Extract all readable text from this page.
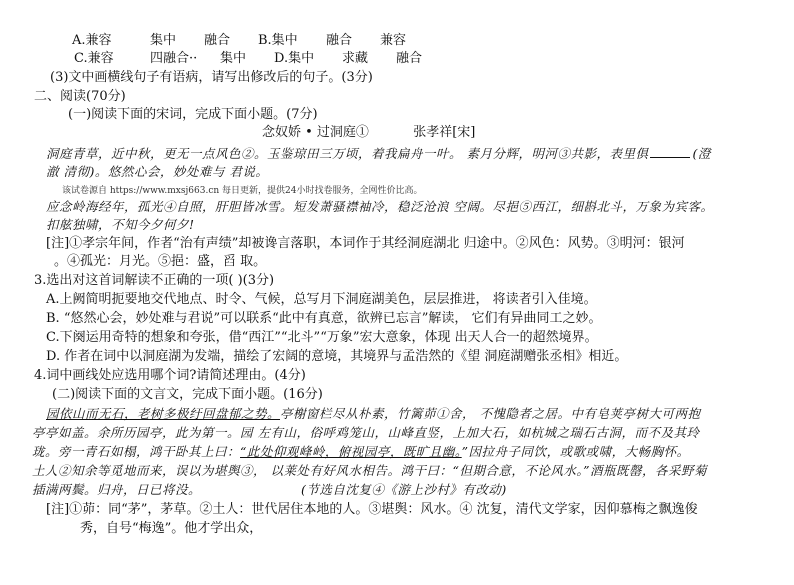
A.兼容	集中 融合 B.集中 融合 兼容
C.兼容	四融合·· 集中 D.集中 求藏 融合
(3)文中画横线句子有语病，请写出修改后的句子。(3分)
二、阅读(70分)
(一)阅读下面的宋词，完成下面小题。(7分)
念奴娇 • 过洞庭①	张孝祥[宋]
洞庭青草，近中秋，更无一点风色②。玉鉴琼田三万顷，着我扁舟一叶。 素月分辉，明河③共影，表里俱	(澄
澈 清彻)。悠然心会，妙处难与 君说。
该试卷源自 https://www.mxsj663.cn 每日更新，提供24小时找卷服务，全网性价比高。
应念岭海经年，孤光④自照，肝胆皆冰雪。短发萧骚襟袖冷，稳泛沧浪 空阔。尽挹⑤西江，细斟北斗，万象为宾客。
扣舷独啸，不知今夕何夕!
[注]①孝宗年间，作者“治有声绩”却被谗言落职，本词作于其经洞庭湖北 归途中。②风色：风势。③明河：银河
。④孤光：月光。⑤挹：盛，舀 取。
3.选出对这首词解读不正确的一项( )(3分)
A.上阙简明扼要地交代地点、时令、气候，总写月下洞庭湖美色，层层推进， 将读者引入佳境。
B. “悠然心会，妙处难与君说”可以联系“此中有真意，欲辨已忘言”解读， 它们有异曲同工之妙。
C.下阕运用奇特的想象和夸张，借“西江”“北斗”“万象”宏大意象，体现 出天人合一的超然境界。
D. 作者在词中以洞庭湖为发端，描绘了宏阔的意境，其境界与孟浩然的《望 洞庭湖赠张丞相》相近。
4.词中画线处应选用哪个词?请简述理由。(4分)
(二)阅读下面的文言文，完成下面小题。(16分)
园依山而无石，老树多极纡回盘郁之势。亭榭窗栏尽从朴素，竹篱茆①舍， 不愧隐者之居。中有皂荚亭树大可两抱
亭亭如盖。余所历园亭，此为第一。园 左有山，俗呼鸡笼山，山峰直竖，上加大石，如杭城之瑞石古洞，而不及其玲
珑。旁一青石如榻，鸿干卧其上曰：“此处仰观峰岭，俯视园亭，既旷且幽。”因拉舟子同饮，或歌或啸，大畅胸怀。
土人②知余等觅地而来，误以为堪舆③， 以莱处有好风水相告。鸿干曰：“但期合意，不论风水。”酒瓶既罄，各采野菊
插满两鬓。归舟，日已将没。	(节选自沈复④《游上沙村》有改动)
[注]①茆：同“茅”，茅草。②土人：世代居住本地的人。③堪舆：风水。④ 沈复，清代文学家，因仰慕梅之飘逸俊
秀，自号“梅逸”。他才学出众，
